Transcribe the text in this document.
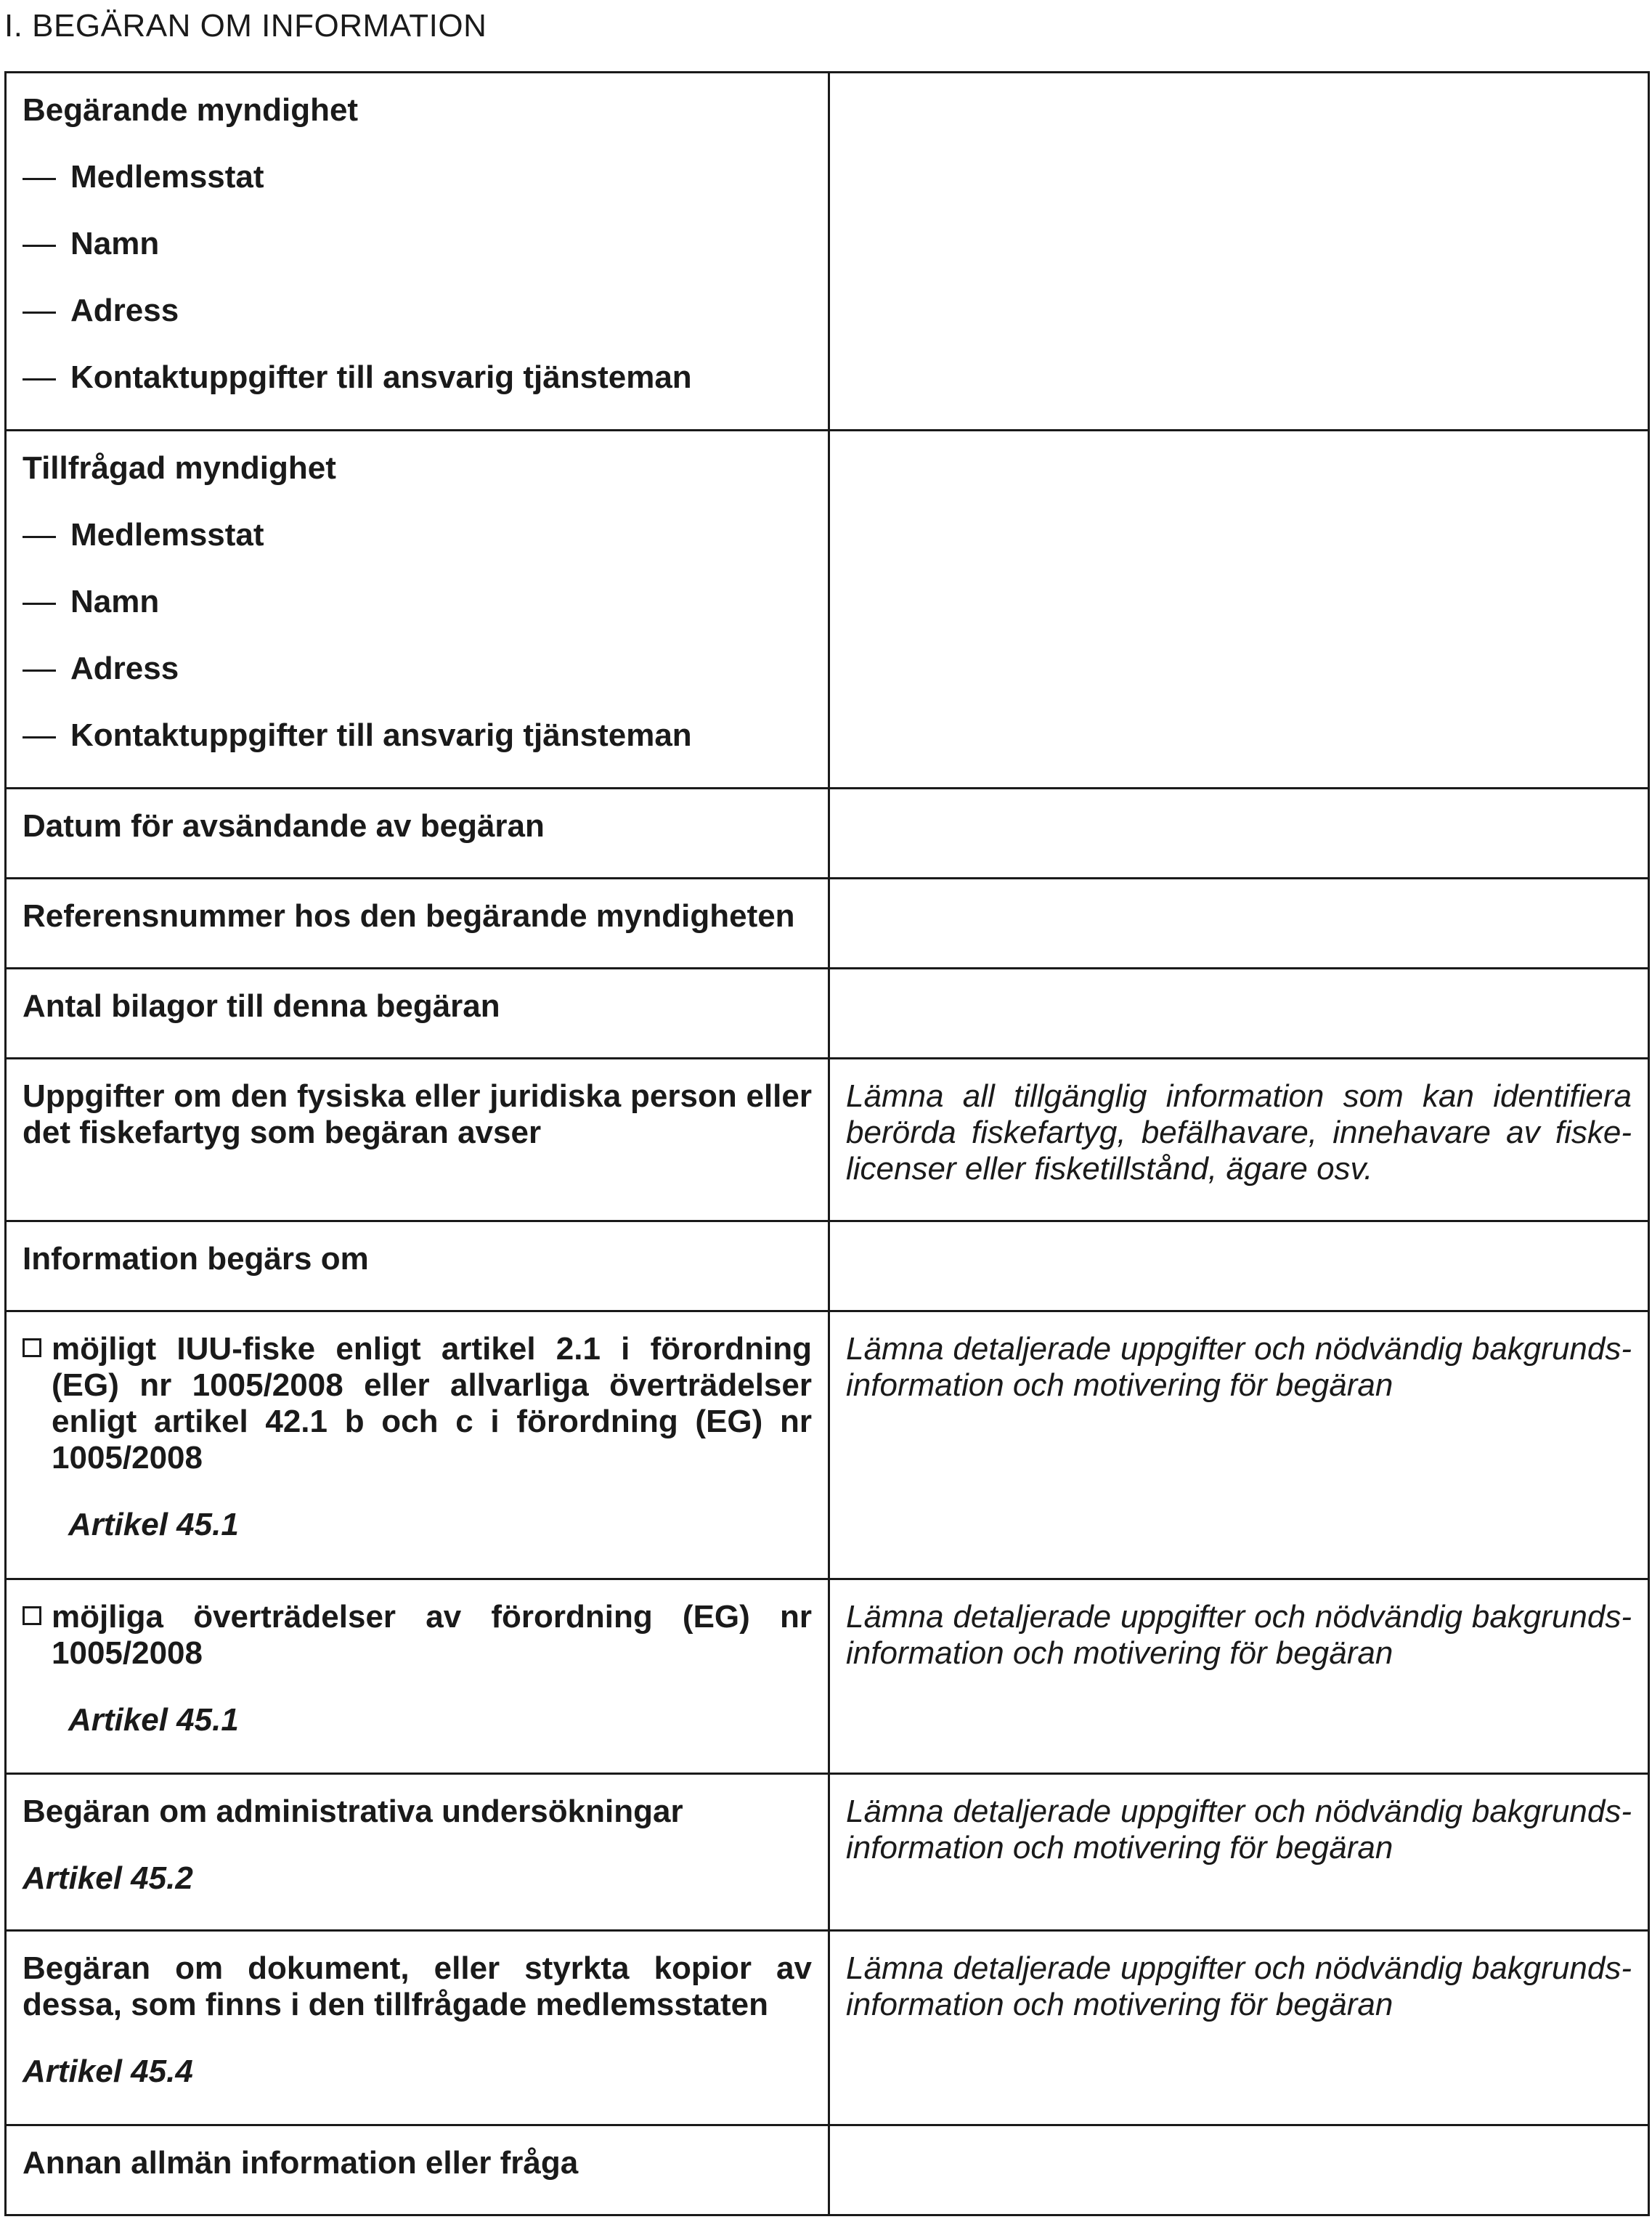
I. BEGÄRAN OM INFORMATION

Begärande myndighet

Medlemsstat

Namn

Adress

Kontaktuppgifter till ansvarig tjänsteman	

Tillfrågad myndighet

Medlemsstat

Namn

Adress

Kontaktuppgifter till ansvarig tjänsteman	

Datum för avsändande av begäran	
Referensnummer hos den begärande myndigheten	
Antal bilagor till denna begäran	
Uppgifter om den fysiska eller juridiska person eller det fiskefartyg som begäran avser	Lämna all tillgänglig information som kan identifiera berörda fiskefartyg, befälhavare, innehavare av fiske-licenser eller fisketillstånd, ägare osv.
Information begärs om	

möjligt IUU-fiske enligt artikel 2.1 i förordning (EG) nr 1005/2008 eller allvarliga överträdelser enligt artikel 42.1 b och c i förordning (EG) nr 1005/2008
Artikel 45.1	Lämna detaljerade uppgifter och nödvändig bakgrunds-information och motivering för begäran

möjliga överträdelser av förordning (EG) nr 1005/2008
Artikel 45.1	Lämna detaljerade uppgifter och nödvändig bakgrunds-information och motivering för begäran

Begäran om administrativa undersökningar
Artikel 45.2	Lämna detaljerade uppgifter och nödvändig bakgrunds-information och motivering för begäran

Begäran om dokument, eller styrkta kopior av dessa, som finns i den tillfrågade medlemsstaten
Artikel 45.4	Lämna detaljerade uppgifter och nödvändig bakgrunds-information och motivering för begäran
Annan allmän information eller fråga	
